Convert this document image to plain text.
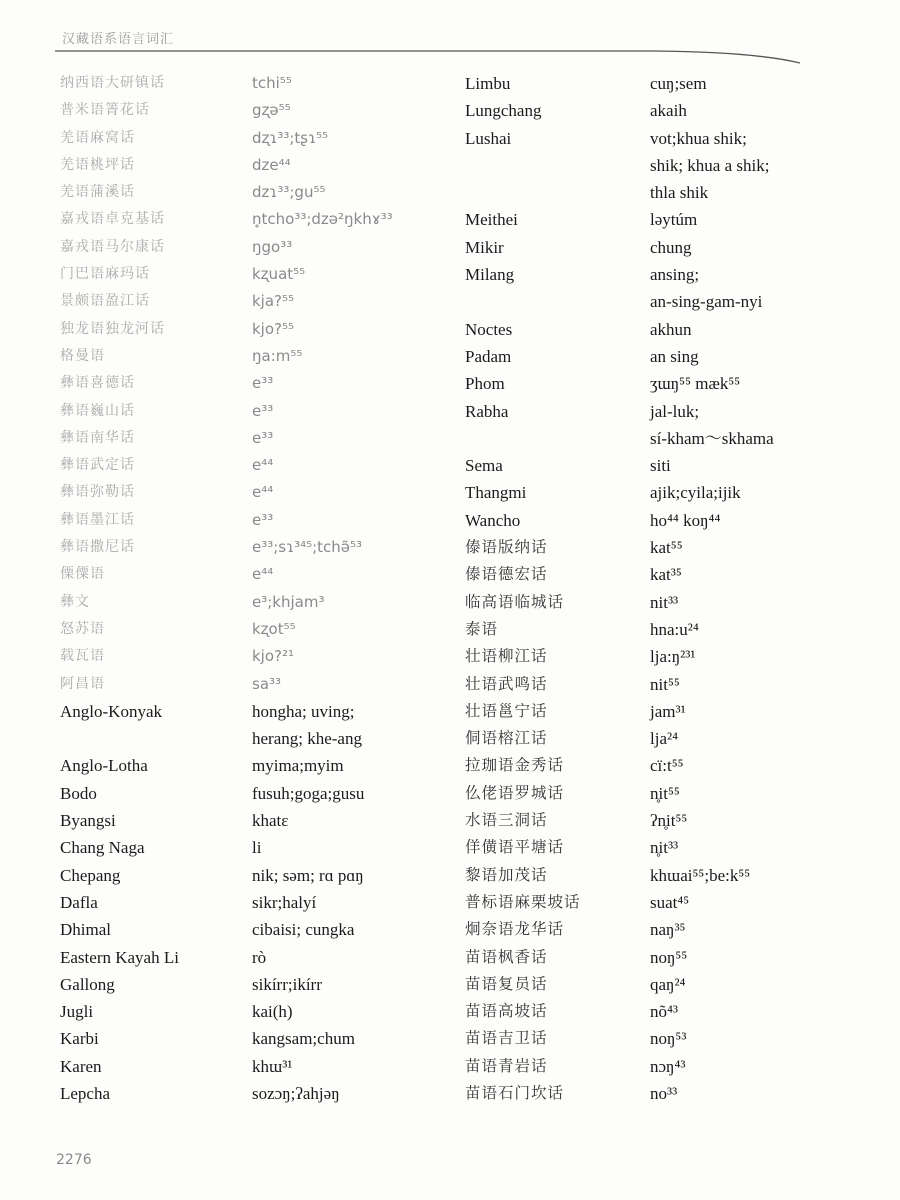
汉藏语系语言词汇
纳西语大研镇话
普米语箐花话
羌语麻窝话
羌语桃坪话
羌语蒲溪话
嘉戎语卓克基话
嘉戎语马尔康话
门巴语麻玛话
景颇语盈江话
独龙语独龙河话
格曼语
彝语喜德话
彝语巍山话
彝语南华话
彝语武定话
彝语弥勒话
彝语墨江话
彝语撒尼话
傈僳语
彝文
怒苏语
载瓦语
阿昌语
Anglo-Konyak
Anglo-Lotha
Bodo
Byangsi
Chang Naga
Chepang
Dafla
Dhimal
Eastern Kayah Li
Gallong
Jugli
Karbi
Karen
Lepcha
tchi⁵⁵
gʐə⁵⁵
dʐɿ³³;tʂɿ⁵⁵
dze⁴⁴
dzɿ³³;gu⁵⁵
n̥tcho³³;dzə²ŋkhɤ³³
ŋgo³³
kʐuat⁵⁵
kja?⁵⁵
kjo?⁵⁵
ŋa:m⁵⁵
e³³
e³³
e³³
e⁴⁴
e⁴⁴
e³³
e³³;sɿ³⁴⁵;tchə̃⁵³
e⁴⁴
e³;khjam³
kʐot⁵⁵
kjo?²¹
sa³³
hongha; uving;
herang; khe-ang
myima;myim
fusuh;goga;gusu
khatɛ
li
nik; səm; rɑ pɑŋ
sikr;halyí
cibaisi; cungka
rò
sikírr;ikírr
kai(h)
kangsam;chum
khɯ³¹
sozɔŋ;ʔahjəŋ
Limbu
Lungchang
Lushai
Meithei
Mikir
Milang
Noctes
Padam
Phom
Rabha
Sema
Thangmi
Wancho
傣语版纳话
傣语德宏话
临高语临城话
泰语
壮语柳江话
壮语武鸣话
壮语邕宁话
侗语榕江话
拉珈语金秀话
仫佬语罗城话
水语三洞话
佯僙语平塘话
黎语加茂话
普标语麻栗坡话
炯奈语龙华话
苗语枫香话
苗语复员话
苗语高坡话
苗语吉卫话
苗语青岩话
苗语石门坎话
cuŋ;sem
akaih
vot;khua shik;
shik; khua a shik;
thla shik
ləytúm
chung
ansing;
an-sing-gam-nyi
akhun
an sing
ʒɯŋ⁵⁵ mæk⁵⁵
jal-luk;
sí-kham～skhama
siti
ajik;cyila;ijik
ho⁴⁴ koŋ⁴⁴
kat⁵⁵
kat³⁵
nit³³
hna:u²⁴
lja:ŋ²³¹
nit⁵⁵
jam³¹
lja²⁴
cï:t⁵⁵
n̥it⁵⁵
ʔn̥it⁵⁵
n̥it³³
khɯai⁵⁵;be:k⁵⁵
suat⁴⁵
naŋ³⁵
noŋ⁵⁵
qaŋ²⁴
nõ⁴³
noŋ⁵³
nɔŋ⁴³
no³³
2276
